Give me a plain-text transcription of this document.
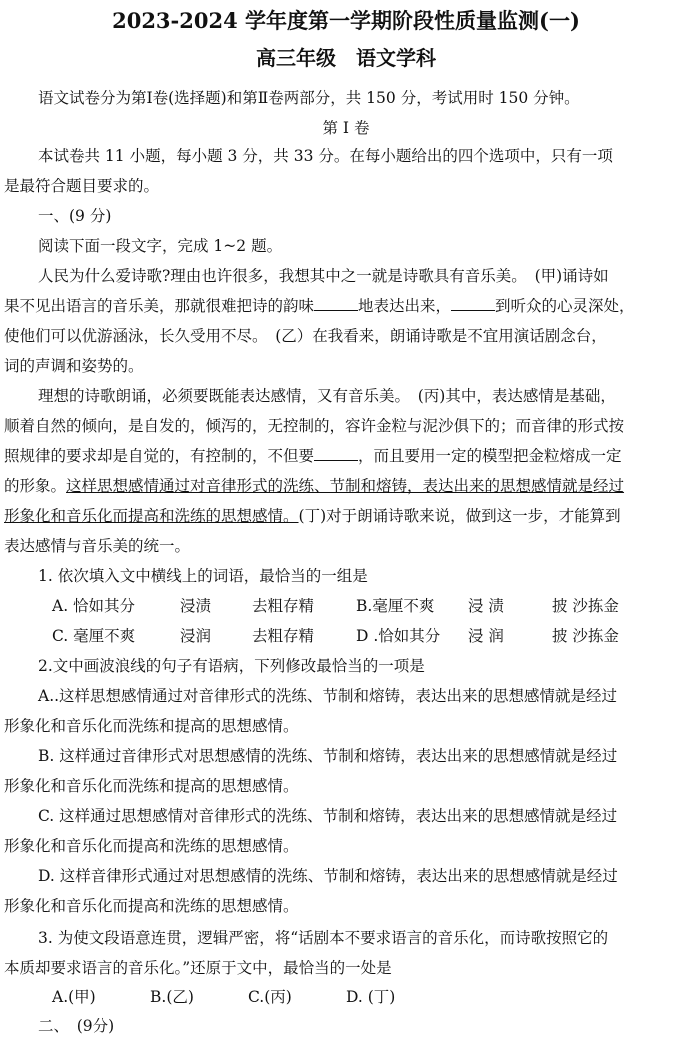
2023-2024 学年度第一学期阶段性质量监测(一)
高三年级　语文学科
语文试卷分为第Ⅰ卷(选择题)和第Ⅱ卷两部分，共 150 分，考试用时 150 分钟。
第 Ⅰ 卷
本试卷共 11 小题，每小题 3 分，共 33 分。在每小题给出的四个选项中，只有一项
是最符合题目要求的。
一、(9 分)
阅读下面一段文字，完成 1~2 题。
人民为什么爱诗歌?理由也许很多，我想其中之一就是诗歌具有音乐美。　(甲)诵诗如
果不见出语言的音乐美，那就很难把诗的韵味	地表达出来，	到听众的心灵深处，
使他们可以优游涵泳，长久受用不尽。　(乙）在我看来，朗诵诗歌是不宜用演话剧念台，
词的声调和姿势的。
理想的诗歌朗诵，必须要既能表达感情，又有音乐美。　(丙)其中，表达感情是基础，
顺着自然的倾向，是自发的，倾泻的，无控制的，容许金粒与泥沙俱下的；而音律的形式按
照规律的要求却是自觉的，有控制的，不但要	，而且要用一定的模型把金粒熔成一定
的形象。这样思想感情通过对音律形式的洗练、节制和熔铸，表达出来的思想感情就是经过
形象化和音乐化而提高和洗练的思想感情。(丁)对于朗诵诗歌来说，做到这一步，才能算到
表达感情与音乐美的统一。
1. 依次填入文中横线上的词语，最恰当的一组是
A. 恰如其分	浸渍	去粗存精	B.毫厘不爽 浸 渍	披 沙拣金
C. 毫厘不爽	浸润	去粗存精	D .恰如其分 浸 润	披 沙拣金
2.文中画波浪线的句子有语病，下列修改最恰当的一项是
A..这样思想感情通过对音律形式的洗练、节制和熔铸，表达出来的思想感情就是经过
形象化和音乐化而洗练和提高的思想感情。
B. 这样通过音律形式对思想感情的洗练、节制和熔铸，表达出来的思想感情就是经过
形象化和音乐化而洗练和提高的思想感情。
C. 这样通过思想感情对音律形式的洗练、节制和熔铸，表达出来的思想感情就是经过
形象化和音乐化而提高和洗练的思想感情。
D. 这样音律形式通过对思想感情的洗练、节制和熔铸，表达出来的思想感情就是经过
形象化和音乐化而提高和洗练的思想感情。
3. 为使文段语意连贯，逻辑严密，将“话剧本不要求语言的音乐化，而诗歌按照它的
本质却要求语言的音乐化。”还原于文中，最恰当的一处是
A.(甲)	B.(乙)	C.(丙)	D. (丁)
二、　(9分)
